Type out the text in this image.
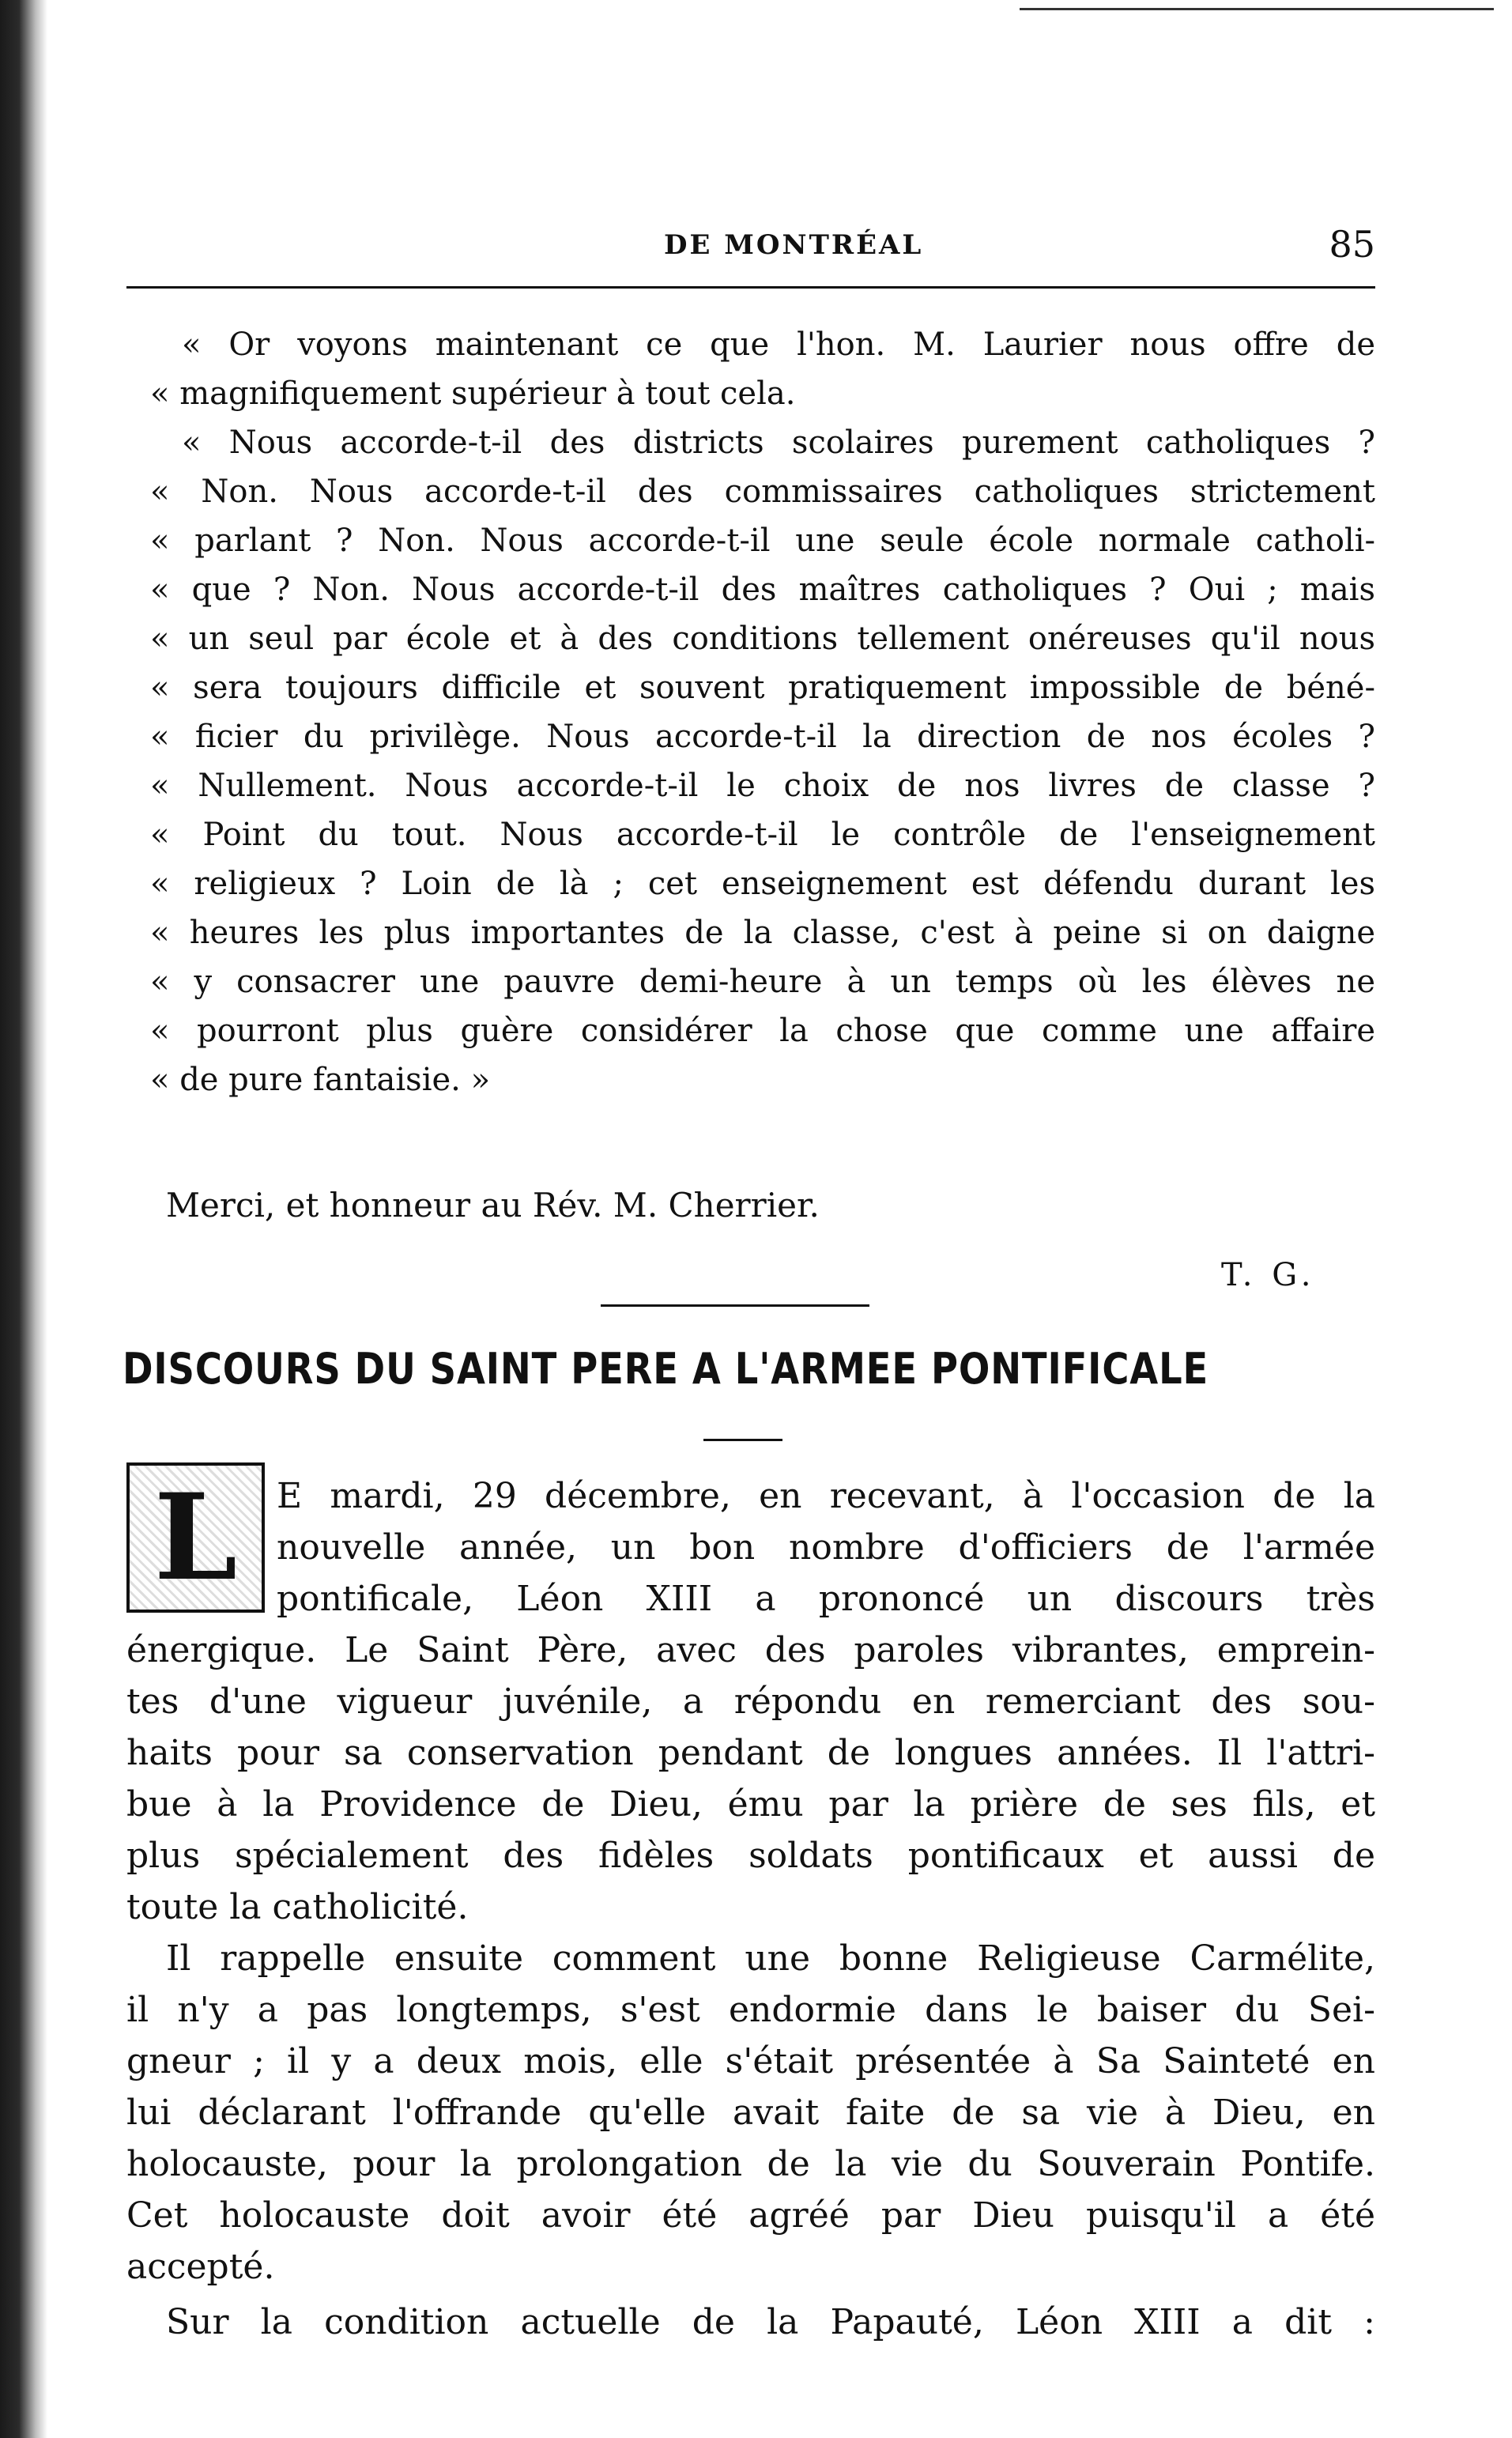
DE MONTRÉAL	85
« Or voyons maintenant ce que l'hon. M. Laurier nous offre de
« magnifiquement supérieur à tout cela.
« Nous accorde-t-il des districts scolaires purement catholiques ?
« Non. Nous accorde-t-il des commissaires catholiques strictement
« parlant ? Non. Nous accorde-t-il une seule école normale catholi-
« que ? Non. Nous accorde-t-il des maîtres catholiques ? Oui ; mais
« un seul par école et à des conditions tellement onéreuses qu'il nous
« sera toujours difficile et souvent pratiquement impossible de béné-
« ficier du privilège. Nous accorde-t-il la direction de nos écoles ?
« Nullement. Nous accorde-t-il le choix de nos livres de classe ?
« Point du tout. Nous accorde-t-il le contrôle de l'enseignement
« religieux ? Loin de là ; cet enseignement est défendu durant les
« heures les plus importantes de la classe, c'est à peine si on daigne
« y consacrer une pauvre demi-heure à un temps où les élèves ne
« pourront plus guère considérer la chose que comme une affaire
« de pure fantaisie. »
Merci, et honneur au Rév. M. Cherrier.
T. G.
DISCOURS DU SAINT PERE A L'ARMEE PONTIFICALE
L E mardi, 29 décembre, en recevant, à l'occasion de la
nouvelle année, un bon nombre d'officiers de l'armée
pontificale, Léon XIII a prononcé un discours très
énergique. Le Saint Père, avec des paroles vibrantes, emprein-
tes d'une vigueur juvénile, a répondu en remerciant des sou-
haits pour sa conservation pendant de longues années. Il l'attri-
bue à la Providence de Dieu, ému par la prière de ses fils, et
plus spécialement des fidèles soldats pontificaux et aussi de
toute la catholicité.
Il rappelle ensuite comment une bonne Religieuse Carmélite,
il n'y a pas longtemps, s'est endormie dans le baiser du Sei-
gneur ; il y a deux mois, elle s'était présentée à Sa Sainteté en
lui déclarant l'offrande qu'elle avait faite de sa vie à Dieu, en
holocauste, pour la prolongation de la vie du Souverain Pontife.
Cet holocauste doit avoir été agréé par Dieu puisqu'il a été
accepté.
Sur la condition actuelle de la Papauté, Léon XIII a dit :
